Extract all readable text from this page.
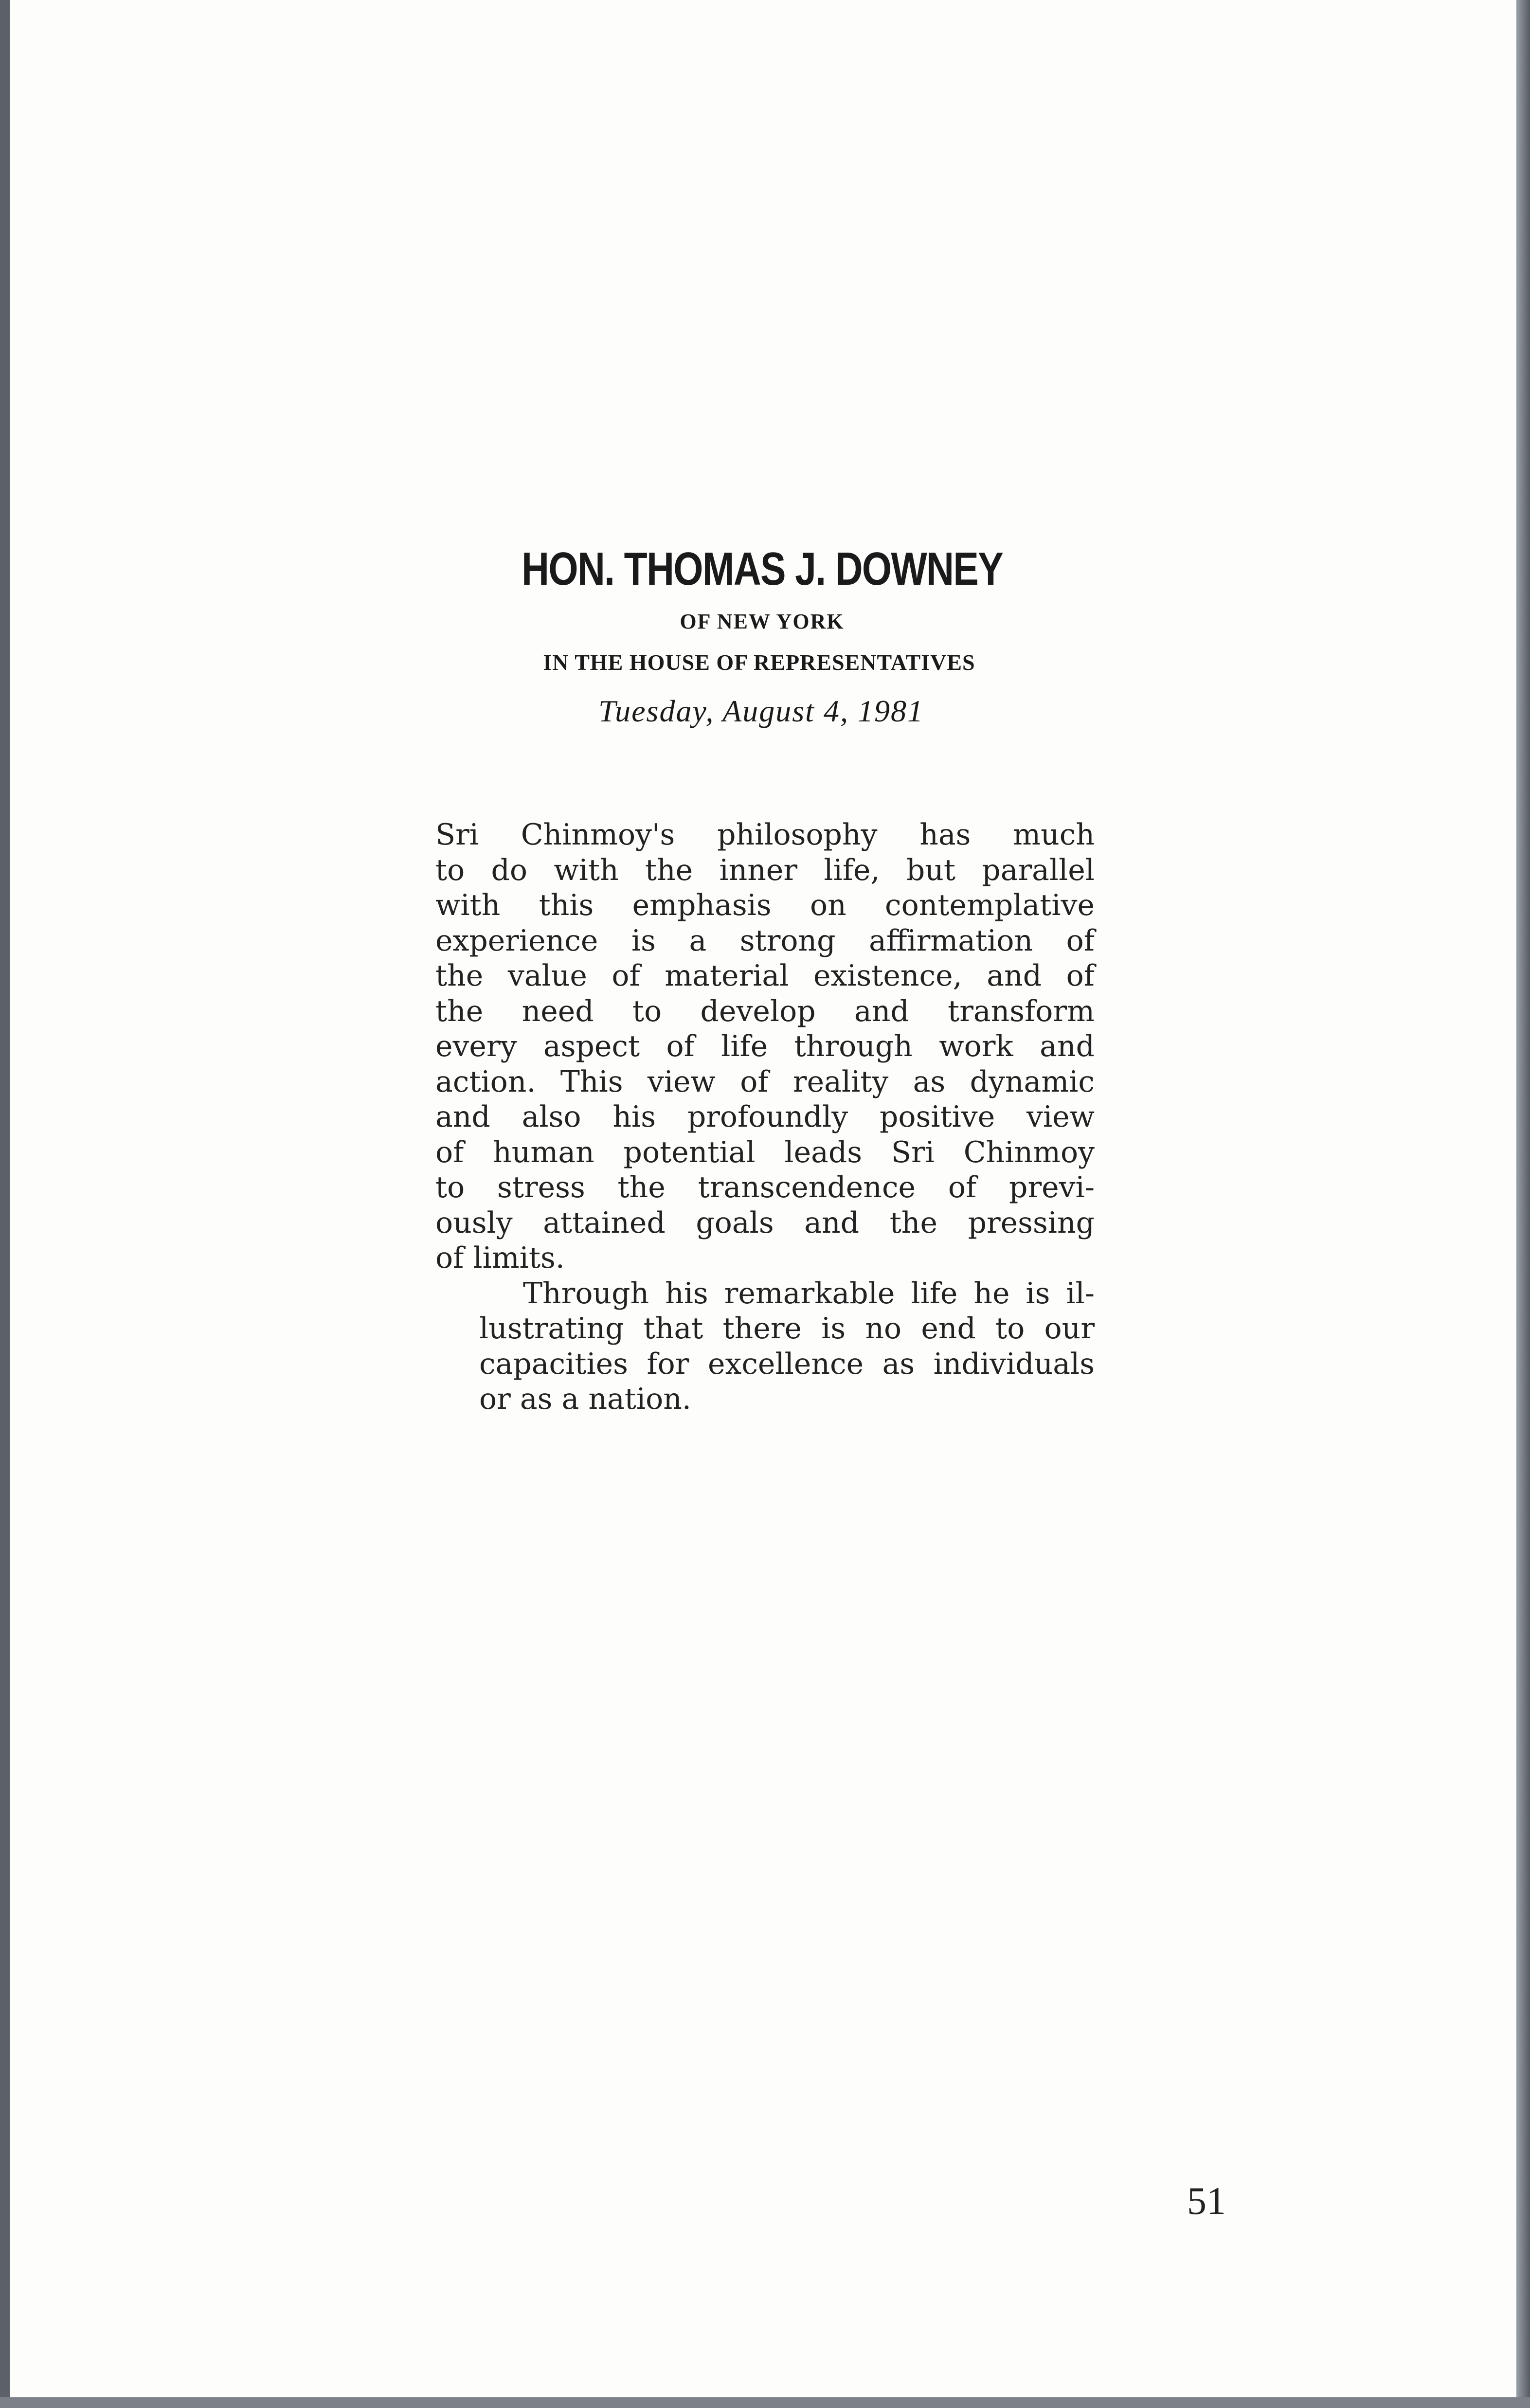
HON. THOMAS J. DOWNEY
OF NEW YORK
IN THE HOUSE OF REPRESENTATIVES
Tuesday, August 4, 1981

Sri Chinmoy's philosophy has much
to do with the inner life, but parallel
with this emphasis on contemplative
experience is a strong affirmation of
the value of material existence, and of
the need to develop and transform
every aspect of life through work and
action. This view of reality as dynamic
and also his profoundly positive view
of human potential leads Sri Chinmoy
to stress the transcendence of previ-
ously attained goals and the pressing
of limits.

Through his remarkable life he is il-
lustrating that there is no end to our
capacities for excellence as individuals
or as a nation.

51
